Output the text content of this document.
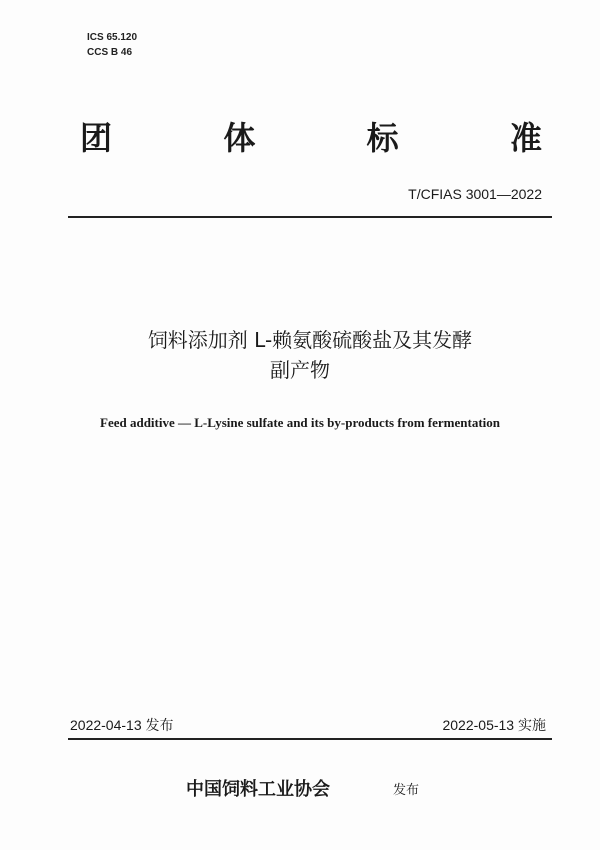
ICS 65.120
CCS B 46
团	体	标	准
T/CFIAS 3001—2022
饲料添加剂 L-赖氨酸硫酸盐及其发酵
副产物
Feed additive — L-Lysine sulfate and its by-products from fermentation
2022-04-13 发布	2022-05-13 实施
中国饲料工业协会	发布
